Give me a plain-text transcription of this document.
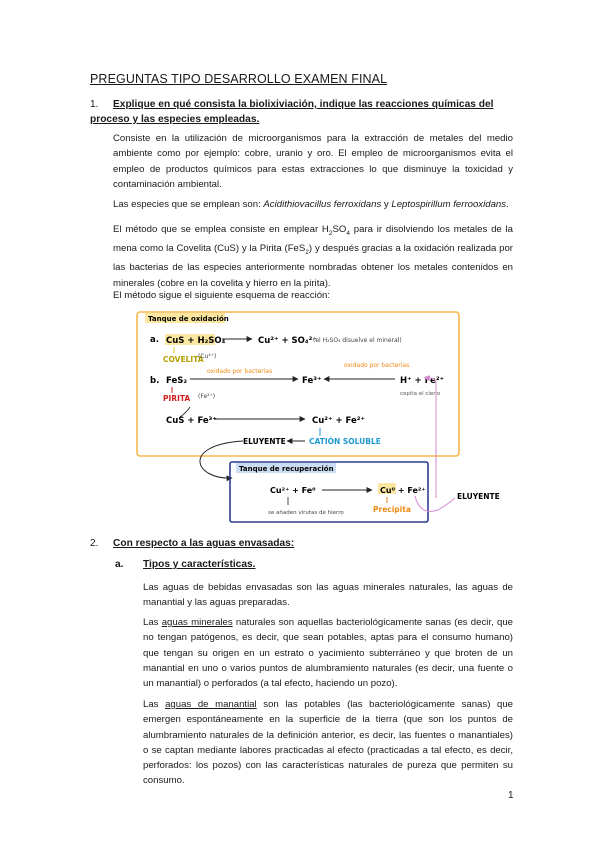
PREGUNTAS TIPO DESARROLLO EXAMEN FINAL
1. Explique en qué consista la biolixiviación, indique las reacciones químicas del proceso y las especies empleadas.
Consiste en la utilización de microorganismos para la extracción de metales del medio ambiente como por ejemplo: cobre, uranio y oro. El empleo de microorganismos evita el empleo de productos químicos para estas extracciones lo que disminuye la toxicidad y contaminación ambiental.
Las especies que se emplean son: Acidithiovacillus ferroxidans y Leptospirillum ferrooxidans.
El método que se emplea consiste en emplear $H_2SO_4$ para ir disolviendo los metales de la mena como la Covelita (CuS) y la Pirita (FeS$_2$) y después gracias a la oxidación realizada por las bacterias de las especies anteriormente nombradas obtener los metales contenidos en minerales (cobre en la covelita y hierro en la pirita).
El método sigue el siguiente esquema de reacción:
Tanque de oxidación
a. CuS + H₂SO₄	Cu²⁺ + SO₄²⁻
(el H₂SO₄ disuelve el mineral)
COVELITA
(Cu²⁺)
b. FeS₂
oxidado por bacterias
Fe³⁺
oxidado por bacterias
H⁺ + Fe²⁺
cepita el cieno
PIRITA (Fe²⁺)
CuS + Fe³⁺	Cu²⁺ + Fe²⁺
ELUYENTE	CATIÓN SOLUBLE
Tanque de recuperación
Cu²⁺ + Fe⁰	Cu⁰ + Fe²⁺
se añaden virutas de hierro	Precipita
ELUYENTE
2. Con respecto a las aguas envasadas:
a. Tipos y características.
Las aguas de bebidas envasadas son las aguas minerales naturales, las aguas de manantial y las aguas preparadas.
Las aguas minerales naturales son aquellas bacteriológicamente sanas (es decir, que no tengan patógenos, es decir, que sean potables, aptas para el consumo humano) que tengan su origen en un estrato o yacimiento subterráneo y que broten de un manantial en uno o varios puntos de alumbramiento naturales (es decir, una fuente o un manantial) o perforados (a tal efecto, haciendo un pozo).
Las aguas de manantial son las potables (las bacteriológicamente sanas) que emergen espontáneamente en la superficie de la tierra (que son los puntos de alumbramiento naturales de la definición anterior, es decir, las fuentes o manantiales) o se captan mediante labores practicadas al efecto (practicadas a tal efecto, es decir, perforados: los pozos) con las características naturales de pureza que permiten su consumo.
1
